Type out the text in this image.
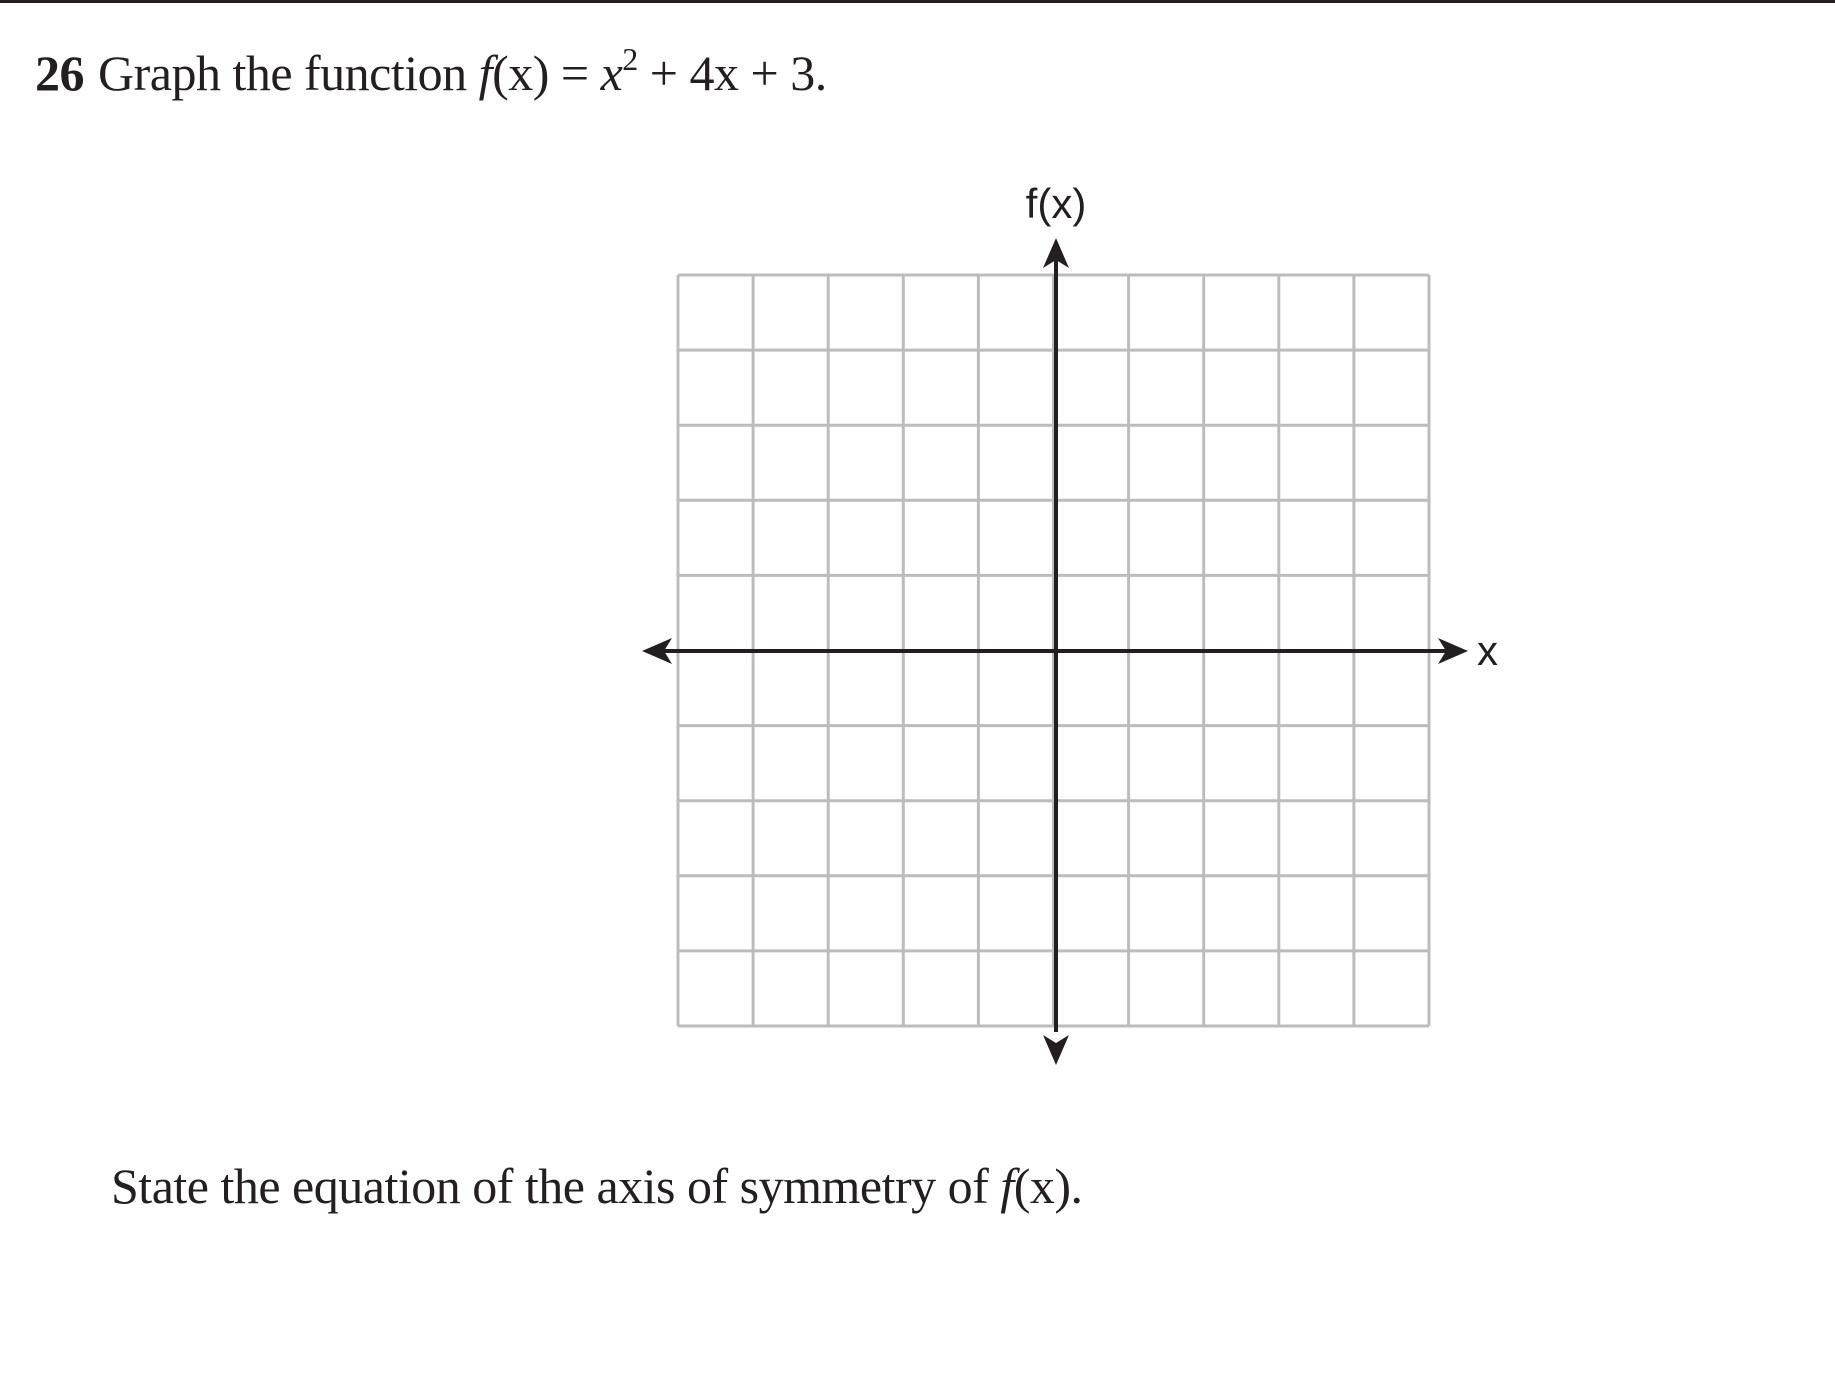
26 Graph the function $f(x) = x^2 + 4x + 3$.
x
f(x)
State the equation of the axis of symmetry of f(x).
